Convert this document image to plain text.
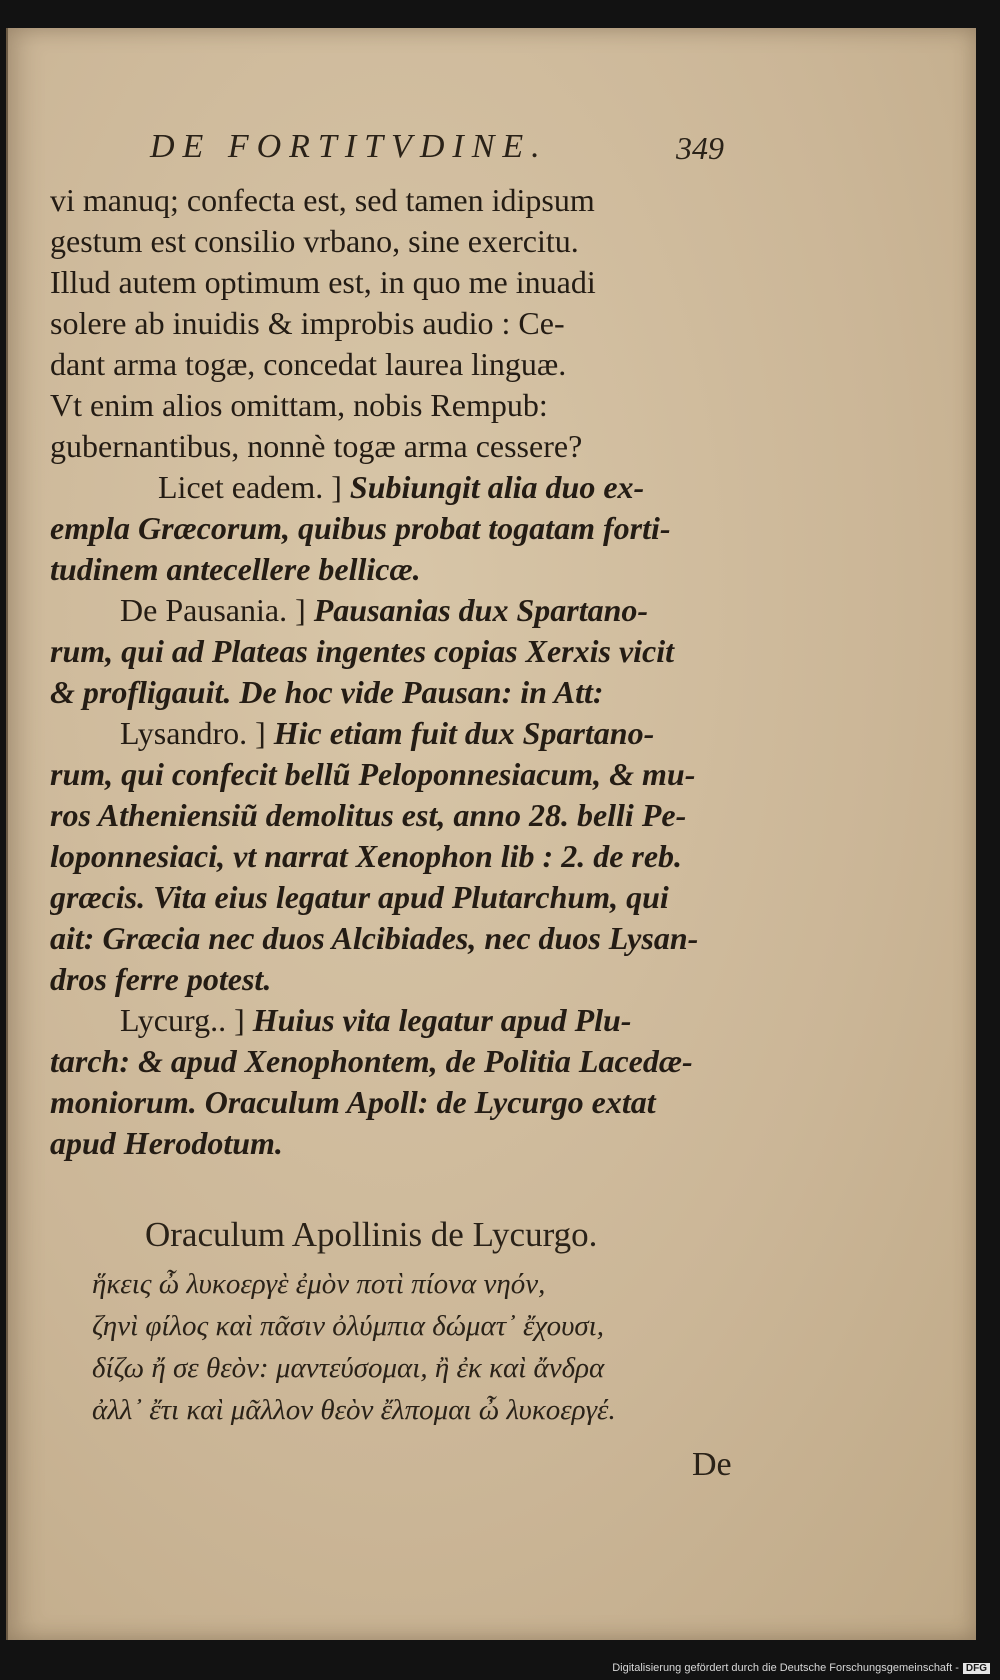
DE FORTITVDINE.	349
vi manuq; confecta est, sed tamen idipsum
gestum est consilio vrbano, sine exercitu.
Illud autem optimum est, in quo me inuadi
solere ab inuidis & improbis audio : Ce-
dant arma togæ, concedat laurea linguæ.
Vt enim alios omittam, nobis Rempub:
gubernantibus, nonnè togæ arma cessere?
Licet eadem. ] Subiungit alia duo ex-
empla Græcorum, quibus probat togatam forti-
tudinem antecellere bellicæ.
De Pausania. ] Pausanias dux Spartano-
rum, qui ad Plateas ingentes copias Xerxis vicit
& profligauit. De hoc vide Pausan: in Att:
Lysandro. ] Hic etiam fuit dux Spartano-
rum, qui confecit bellũ Peloponnesiacum, & mu-
ros Atheniensiũ demolitus est, anno 28. belli Pe-
loponnesiaci, vt narrat Xenophon lib : 2. de reb.
græcis. Vita eius legatur apud Plutarchum, qui
ait: Græcia nec duos Alcibiades, nec duos Lysan-
dros ferre potest.
Lycurg.. ] Huius vita legatur apud Plu-
tarch: & apud Xenophontem, de Politia Lacedæ-
moniorum. Oraculum Apoll: de Lycurgo extat
apud Herodotum.
Oraculum Apollinis de Lycurgo.
De
Digitalisierung gefördert durch die Deutsche Forschungsgemeinschaft - DFG
ἥκεις ὦ λυκοεργὲ ἐμὸν ποτὶ πίονα νηόν,
ζηνὶ φίλος καὶ πᾶσιν ὀλύμπια δώματ᾽ ἔχουσι,
δίζω ἤ σε θεὸν: μαντεύσομαι, ἢ ἐκ καὶ ἄνδρα
ἀλλ᾽ ἔτι καὶ μᾶλλον θεὸν ἔλπομαι ὦ λυκοεργέ.
